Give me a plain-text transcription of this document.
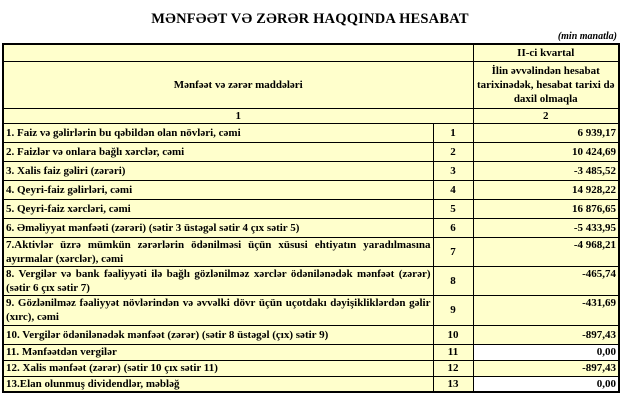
MƏNFƏƏT VƏ ZƏRƏR HAQQINDA HESABAT
(min manatla)
		II-ci kvartal
Mənfəət və zərər maddələri		İlin əvvəlindən hesabat tarixinədək, hesabat tarixi də daxil olmaqla
1		2
1. Faiz və gəlirlərin bu qəbildən olan növləri, cəmi	1	6 939,17
2. Faizlər və onlara bağlı xərclər, cəmi	2	10 424,69
3. Xalis faiz gəliri (zərəri)	3	-3 485,52
4. Qeyri-faiz gəlirləri, cəmi	4	14 928,22
5. Qeyri-faiz xərcləri, cəmi	5	16 876,65
6. Əməliyyat mənfəəti (zərəri) (sətir 3 üstəgəl sətir 4 çıx sətir 5)	6	-5 433,95
7.Aktivlər üzrə mümkün zərərlərin ödənilməsi üçün xüsusi ehtiyatın yaradılmasına ayırmalar (xərclər), cəmi	7	-4 968,21
8. Vergilər və bank fəaliyyəti ilə bağlı gözlənilməz xərclər ödənilənədək mənfəət (zərər) (sətir 6 çıx sətir 7)	8	-465,74
9. Gözlənilməz fəaliyyət növlərindən və əvvəlki dövr üçün uçotdakı dəyişikliklərdən gəlir (xırc), cəmi	9	-431,69
10. Vergilər ödənilənədək mənfəət (zərər) (sətir 8 üstəgəl (çıx) sətir 9)	10	-897,43
11. Mənfəətdən vergilər	11	0,00
12. Xalis mənfəət (zərər) (sətir 10 çıx sətir 11)	12	-897,43
13.Elan olunmuş dividendlər, məbləğ	13	0,00
